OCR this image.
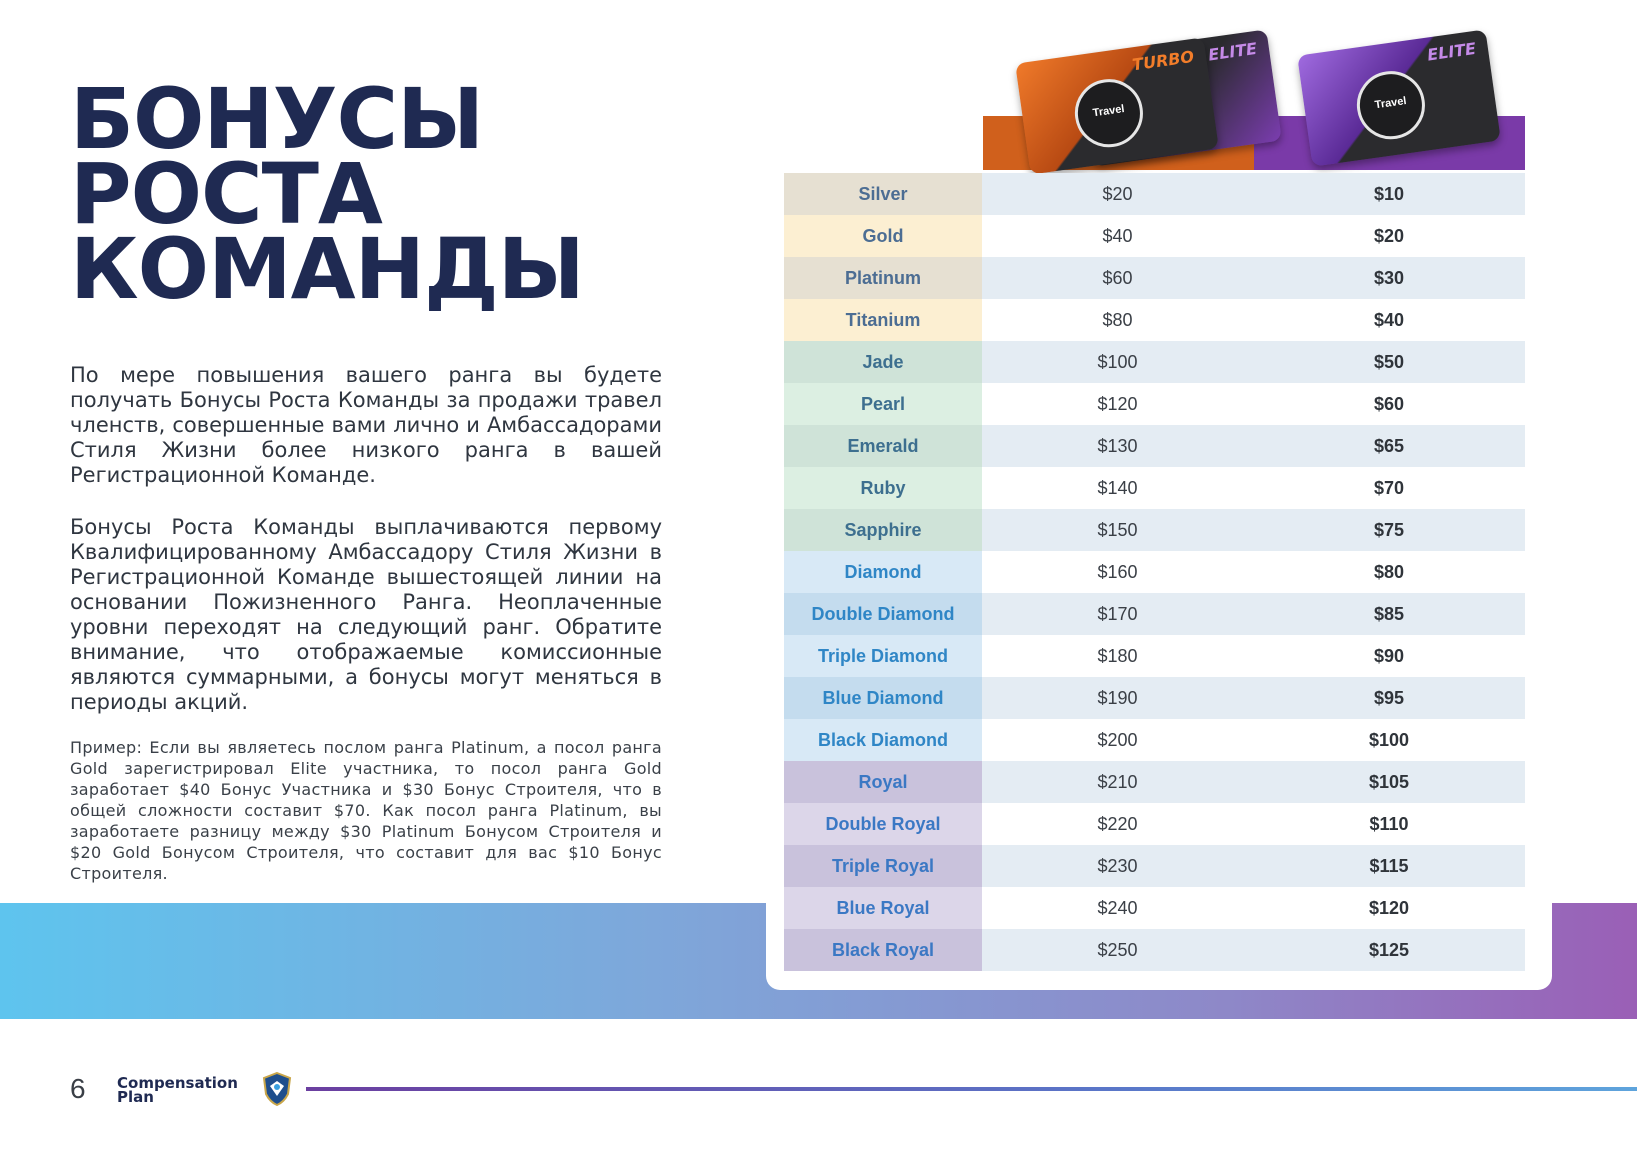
БОНУСЫ
РОСТА
КОМАНДЫ

По мере повышения вашего ранга вы будете получать Бонусы Роста Команды за продажи травел членств, совершенные вами лично и Амбассадорами Стиля Жизни более низкого ранга в вашей Регистрационной Команде.

Бонусы Роста Команды выплачиваются первому Квалифицированному Амбассадору Стиля Жизни в Регистрационной Команде вышестоящей линии на основании Пожизненного Ранга. Неоплаченные уровни переходят на следующий ранг. Обратите внимание, что отображаемые комиссионные являются суммарными, а бонусы могут меняться в периоды акций.

Пример: Если вы являетесь послом ранга Platinum, а посол ранга Gold зарегистрировал Elite участника, то посол ранга Gold заработает $40 Бонус Участника и $30 Бонус Строителя, что в общей сложности составит $70. Как посол ранга Platinum, вы заработаете разницу между $30 Platinum Бонусом Строителя и $20 Gold Бонусом Строителя, что составит для вас $10 Бонус Строителя.

ELITE
TURBO
Travel
ELITE
Travel
Silver	$20	$10
Gold	$40	$20
Platinum	$60	$30
Titanium	$80	$40
Jade	$100	$50
Pearl	$120	$60
Emerald	$130	$65
Ruby	$140	$70
Sapphire	$150	$75
Diamond	$160	$80
Double Diamond	$170	$85
Triple Diamond	$180	$90
Blue Diamond	$190	$95
Black Diamond	$200	$100
Royal	$210	$105
Double Royal	$220	$110
Triple Royal	$230	$115
Blue Royal	$240	$120
Black Royal	$250	$125
6 Compensation
Plan
